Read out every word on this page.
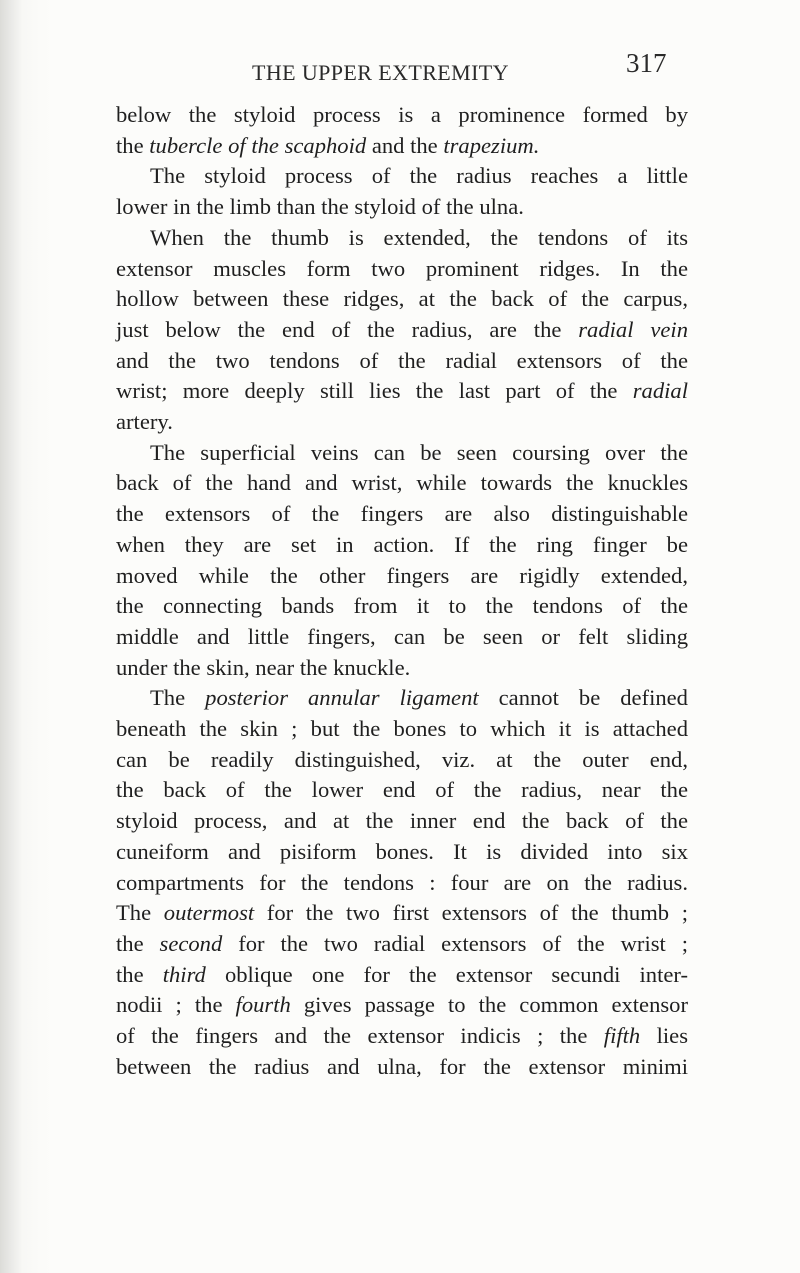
THE UPPER EXTREMITY	317
below the styloid process is a prominence formed by
the tubercle of the scaphoid and the trapezium.
The styloid process of the radius reaches a little
lower in the limb than the styloid of the ulna.
When the thumb is extended, the tendons of its
extensor muscles form two prominent ridges. In the
hollow between these ridges, at the back of the carpus,
just below the end of the radius, are the radial vein
and the two tendons of the radial extensors of the
wrist; more deeply still lies the last part of the radial
artery.
The superficial veins can be seen coursing over the
back of the hand and wrist, while towards the knuckles
the extensors of the fingers are also distinguishable
when they are set in action. If the ring finger be
moved while the other fingers are rigidly extended,
the connecting bands from it to the tendons of the
middle and little fingers, can be seen or felt sliding
under the skin, near the knuckle.
The posterior annular ligament cannot be defined
beneath the skin ; but the bones to which it is attached
can be readily distinguished, viz. at the outer end,
the back of the lower end of the radius, near the
styloid process, and at the inner end the back of the
cuneiform and pisiform bones. It is divided into six
compartments for the tendons : four are on the radius.
The outermost for the two first extensors of the thumb ;
the second for the two radial extensors of the wrist ;
the third oblique one for the extensor secundi inter-
nodii ; the fourth gives passage to the common extensor
of the fingers and the extensor indicis ; the fifth lies
between the radius and ulna, for the extensor minimi
